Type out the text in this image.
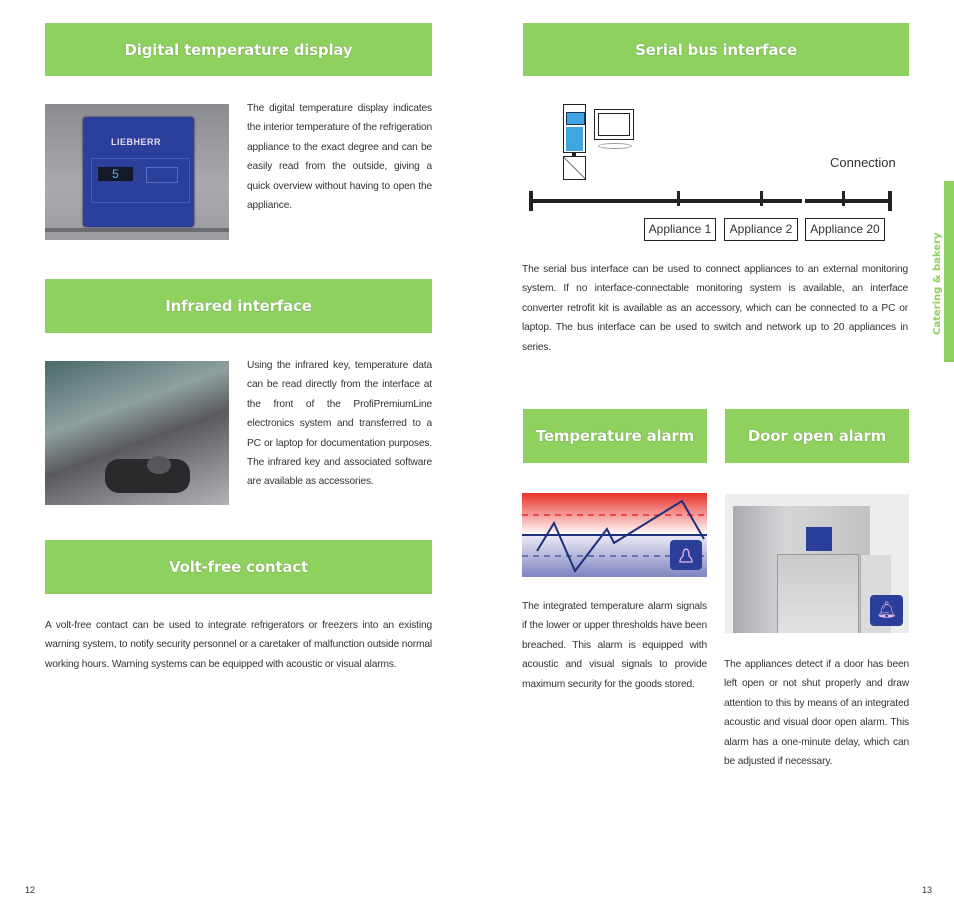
Digital temperature display
LIEBHERR
5
The digital temperature display indicates the interior temperature of the refrigeration appliance to the exact degree and can be easily read from the outside, giving a quick overview without having to open the appliance.
Infrared interface
Using the infrared key, temperature data can be read directly from the interface at the front of the ProfiPremiumLine electronics system and transferred to a PC or laptop for documentation purposes. The infrared key and associated software are available as accessories.
Volt-free contact
A volt-free contact can be used to integrate refrigerators or freezers into an existing warning system, to notify security personnel or a caretaker of malfunction outside normal working hours. Warning systems can be equipped with acoustic or visual alarms.
12
Serial bus interface
Connection
Appliance 1	Appliance 2	Appliance 20
The serial bus interface can be used to connect appliances to an external monitoring system. If no interface-connectable monitoring system is available, an interface converter retrofit kit is available as an accessory, which can be connected to a PC or laptop. The bus interface can be used to switch and network up to 20 appliances in series.
Temperature alarm	Door open alarm
🔔︎
The integrated temperature alarm signals if the lower or upper thresholds have been breached. This alarm is equipped with acoustic and visual signals to provide maximum security for the goods stored.
The appliances detect if a door has been left open or not shut properly and draw attention to this by means of an integrated acoustic and visual door open alarm. This alarm has a one-minute delay, which can be adjusted if necessary.
Catering & bakery
13
